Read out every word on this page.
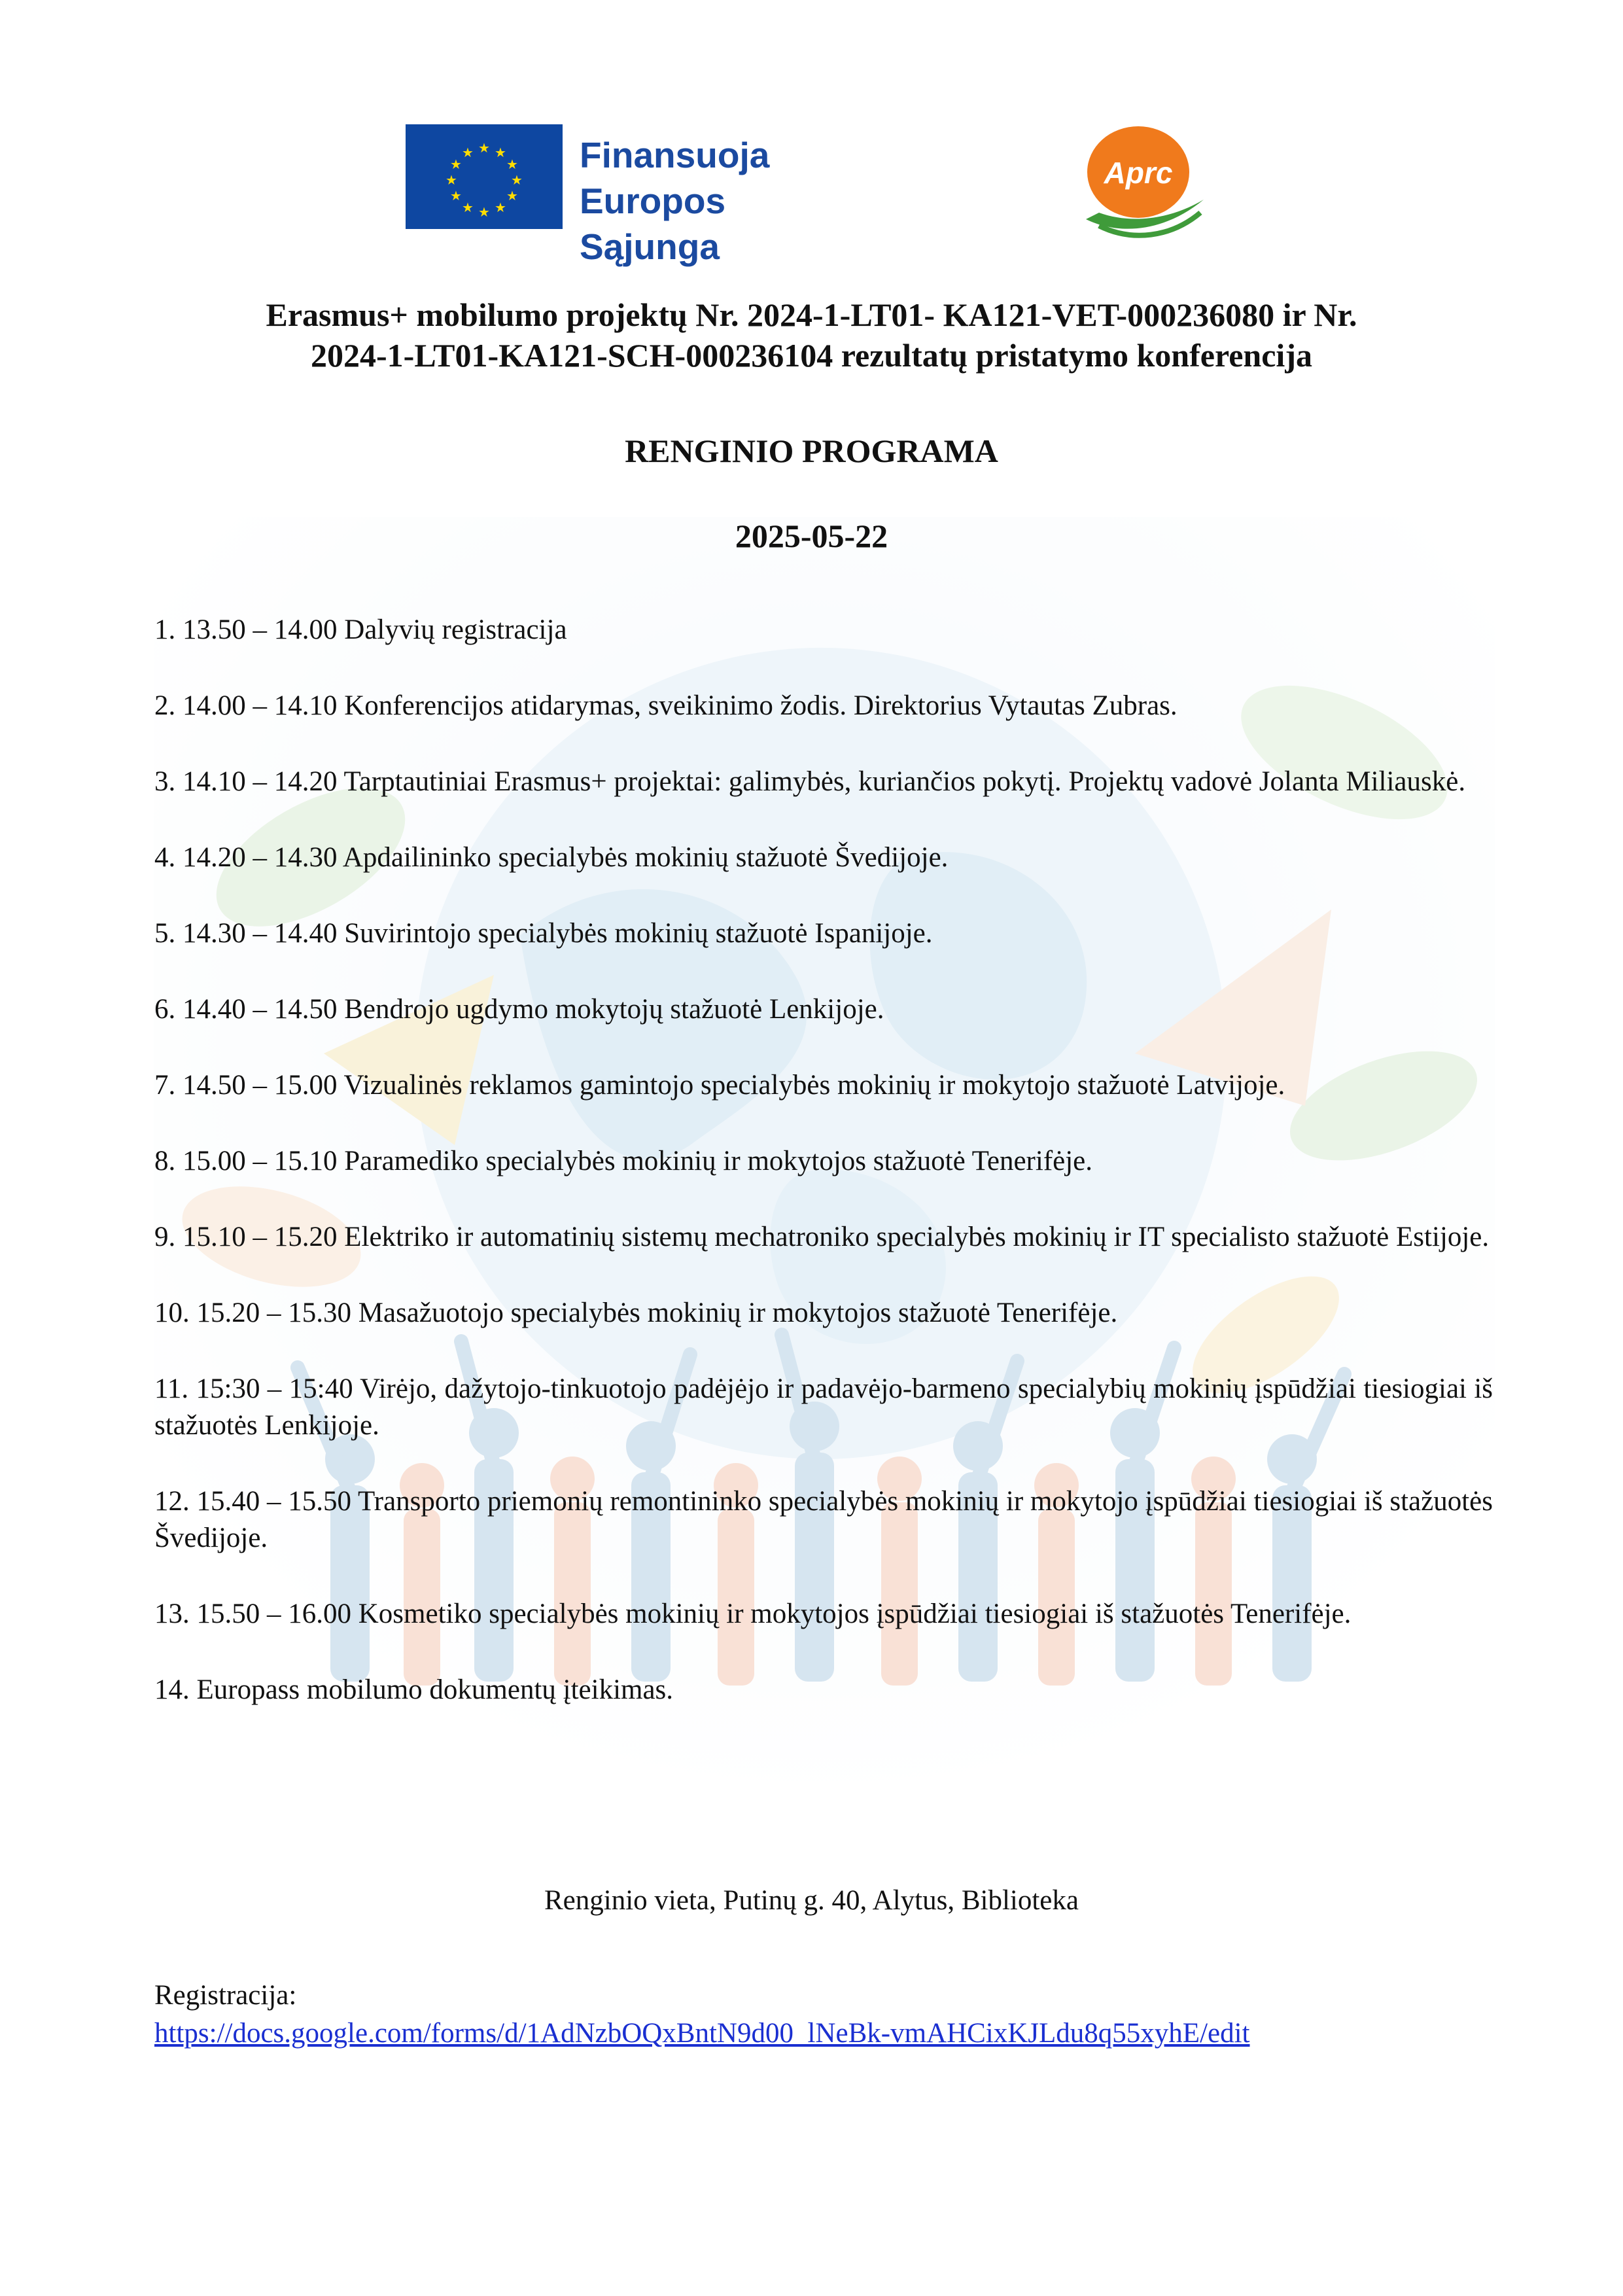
★ ★
★
★
★
★
★
★
★
★
★
★	Finansuoja
Europos Sąjunga
Aprc
Erasmus+ mobilumo projektų Nr. 2024-1-LT01- KA121-VET-000236080 ir Nr.
2024-1-LT01-KA121-SCH-000236104 rezultatų pristatymo konferencija
RENGINIO PROGRAMA
2025-05-22
1. 13.50 – 14.00 Dalyvių registracija
2. 14.00 – 14.10 Konferencijos atidarymas, sveikinimo žodis. Direktorius Vytautas Zubras.
3. 14.10 – 14.20 Tarptautiniai Erasmus+ projektai: galimybės, kuriančios pokytį. Projektų vadovė Jolanta Miliauskė.
4. 14.20 – 14.30 Apdailininko specialybės mokinių stažuotė Švedijoje.
5. 14.30 – 14.40 Suvirintojo specialybės mokinių stažuotė Ispanijoje.
6. 14.40 – 14.50 Bendrojo ugdymo mokytojų stažuotė Lenkijoje.
7. 14.50 – 15.00 Vizualinės reklamos gamintojo specialybės mokinių ir mokytojo stažuotė Latvijoje.
8. 15.00 – 15.10 Paramediko specialybės mokinių ir mokytojos stažuotė Tenerifėje.
9. 15.10 – 15.20 Elektriko ir automatinių sistemų mechatroniko specialybės mokinių ir IT specialisto stažuotė Estijoje.
10. 15.20 – 15.30 Masažuotojo specialybės mokinių ir mokytojos stažuotė Tenerifėje.
11. 15:30 – 15:40 Virėjo, dažytojo-tinkuotojo padėjėjo ir padavėjo-barmeno specialybių mokinių įspūdžiai tiesiogiai iš stažuotės Lenkijoje.
12. 15.40 – 15.50 Transporto priemonių remontininko specialybės mokinių ir mokytojo įspūdžiai tiesiogiai iš stažuotės Švedijoje.
13. 15.50 – 16.00 Kosmetiko specialybės mokinių ir mokytojos įspūdžiai tiesiogiai iš stažuotės Tenerifėje.
14. Europass mobilumo dokumentų įteikimas.
Renginio vieta, Putinų g. 40, Alytus, Biblioteka
Registracija:
https://docs.google.com/forms/d/1AdNzbOQxBntN9d00_lNeBk-vmAHCixKJLdu8q55xyhE/edit
